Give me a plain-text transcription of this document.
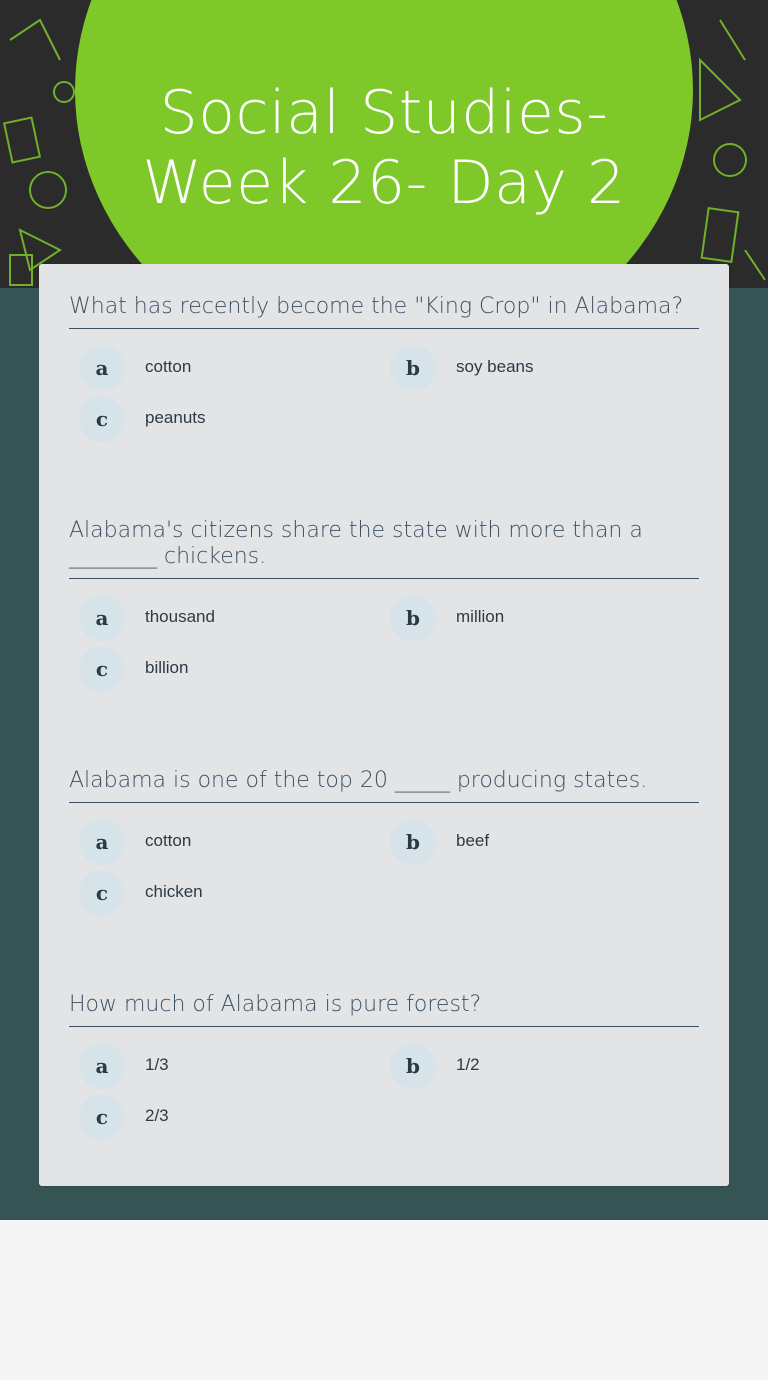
Social Studies-
Week 26- Day 2

What has recently become the "King Crop" in Alabama?

a	cotton	b	soy beans
c	peanuts

Alabama's citizens share the state with more than a ________ chickens.

a	thousand	b	million
c	billion

Alabama is one of the top 20 _____ producing states.

a	cotton	b	beef
c	chicken

How much of Alabama is pure forest?

a	1/3	b	1/2
c	2/3
